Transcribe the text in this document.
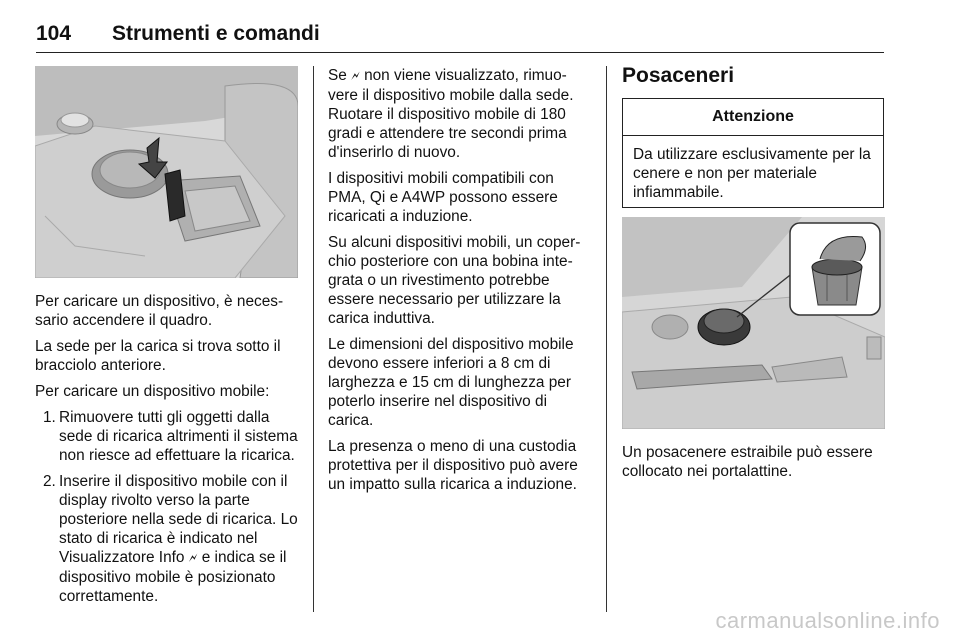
104 Strumenti e comandi

Per caricare un dispositivo, è neces-sario accendere il quadro.

La sede per la carica si trova sotto il bracciolo anteriore.

Per caricare un dispositivo mobile:

1. Rimuovere tutti gli oggetti dalla sede di ricarica altrimenti il sistema non riesce ad effettuare la ricarica.
2. Inserire il dispositivo mobile con il display rivolto verso la parte posteriore nella sede di ricarica. Lo stato di ricarica è indicato nel Visualizzatore Info 🗲 e indica se il dispositivo mobile è posizionato correttamente.

Se 🗲 non viene visualizzato, rimuo-vere il dispositivo mobile dalla sede. Ruotare il dispositivo mobile di 180 gradi e attendere tre secondi prima d'inserirlo di nuovo.

I dispositivi mobili compatibili con PMA, Qi e A4WP possono essere ricaricati a induzione.

Su alcuni dispositivi mobili, un coper-chio posteriore con una bobina inte-grata o un rivestimento potrebbe essere necessario per utilizzare la carica induttiva.

Le dimensioni del dispositivo mobile devono essere inferiori a 8 cm di larghezza e 15 cm di lunghezza per poterlo inserire nel dispositivo di carica.

La presenza o meno di una custodia protettiva per il dispositivo può avere un impatto sulla ricarica a induzione.

Posaceneri
Attenzione
Da utilizzare esclusivamente per la cenere e non per materiale infiammabile.

Un posacenere estraibile può essere collocato nei portalattine.

carmanualsonline.info
